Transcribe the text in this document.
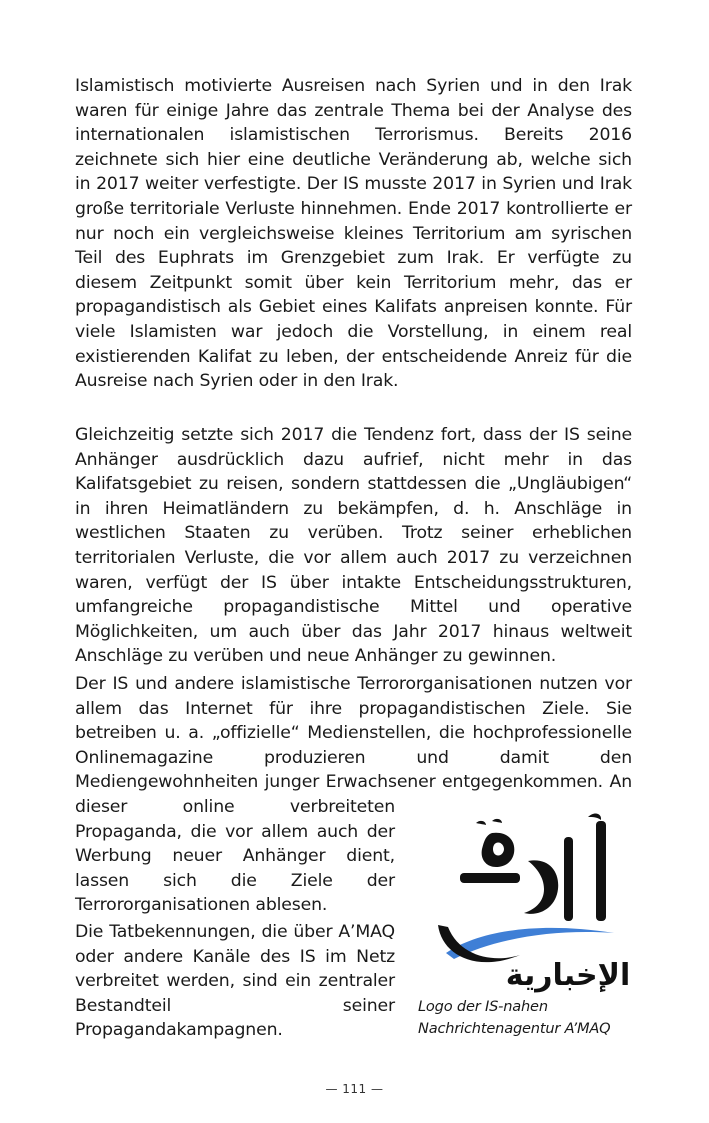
Islamistisch motivierte Ausreisen nach Syrien und in den Irak waren für einige Jahre das zentrale Thema bei der Analyse des internationalen islamistischen Terrorismus. Bereits 2016 zeichnete sich hier eine deutliche Veränderung ab, welche sich in 2017 weiter verfestigte. Der IS musste 2017 in Syrien und Irak große territoriale Verluste hinnehmen. Ende 2017 kontrollierte er nur noch ein vergleichsweise kleines Territorium am syrischen Teil des Euphrats im Grenzgebiet zum Irak. Er verfügte zu diesem Zeitpunkt somit über kein Territorium mehr, das er propagandistisch als Gebiet eines Kalifats anpreisen konnte. Für viele Islamisten war jedoch die Vorstellung, in einem real existierenden Kalifat zu leben, der entscheidende Anreiz für die Ausreise nach Syrien oder in den Irak.

Gleichzeitig setzte sich 2017 die Tendenz fort, dass der IS seine Anhänger ausdrücklich dazu aufrief, nicht mehr in das Kalifatsgebiet zu reisen, sondern stattdessen die „Ungläubigen“ in ihren Heimatländern zu bekämpfen, d. h. Anschläge in westlichen Staaten zu verüben. Trotz seiner erheblichen territorialen Verluste, die vor allem auch 2017 zu verzeichnen waren, verfügt der IS über intakte Entscheidungsstrukturen, umfangreiche propagandistische Mittel und operative Möglichkeiten, um auch über das Jahr 2017 hinaus weltweit Anschläge zu verüben und neue Anhänger zu gewinnen.

Der IS und andere islamistische Terrororganisationen nutzen vor allem das Internet für ihre propagandistischen Ziele. Sie betreiben u. a. „offizielle“ Medienstellen, die hochprofessionelle Onlinemagazine produzieren und damit den Mediengewohnheiten junger Erwachsener entgegenkommen. An
dieser online verbreiteten Propaganda, die vor allem auch der Werbung neuer Anhänger dient, lassen sich die Ziele der Terrororganisationen ablesen.

الإخبارية
Logo der IS-nahen
Nachrichtenagentur A’MAQ

Die Tatbekennungen, die über A’MAQ oder andere Kanäle des IS im Netz verbreitet werden, sind ein zentraler Bestandteil seiner Propagandakampagnen.

— 111 —
